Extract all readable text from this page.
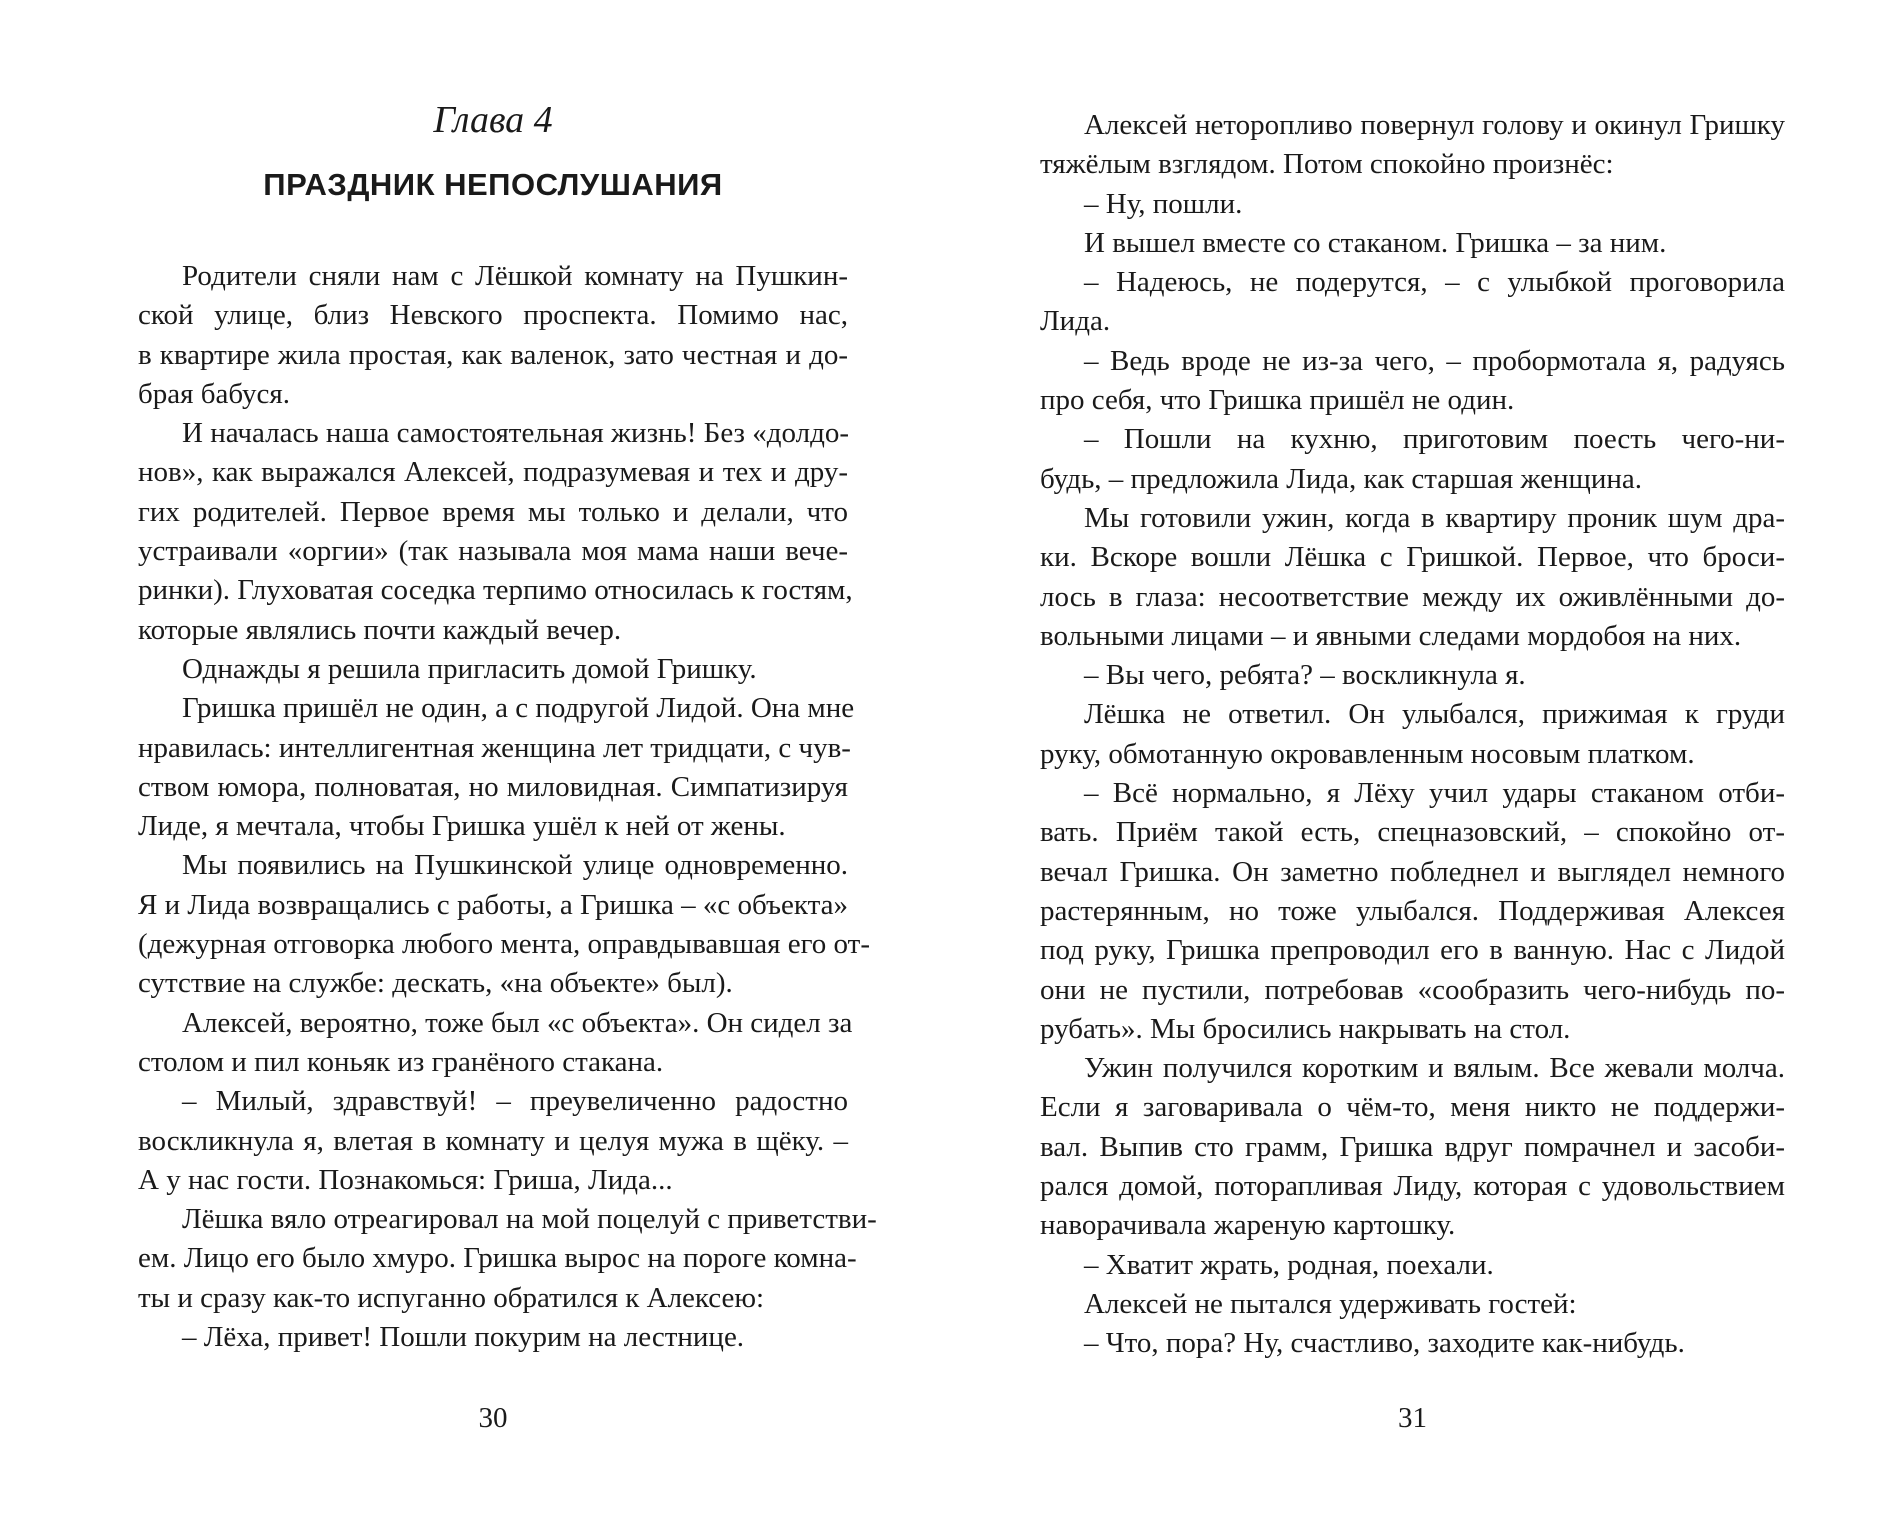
Глава 4
ПРАЗДНИК НЕПОСЛУШАНИЯ
Родители сняли нам с Лёшкой комнату на Пушкин-
ской улице, близ Невского проспекта. Помимо нас,
в квартире жила простая, как валенок, зато честная и до-
брая бабуся.
И началась наша самостоятельная жизнь! Без «долдо-
нов», как выражался Алексей, подразумевая и тех и дру-
гих родителей. Первое время мы только и делали, что
устраивали «оргии» (так называла моя мама наши вече-
ринки). Глуховатая соседка терпимо относилась к гостям,
которые являлись почти каждый вечер.
Однажды я решила пригласить домой Гришку.
Гришка пришёл не один, а с подругой Лидой. Она мне
нравилась: интеллигентная женщина лет тридцати, с чув-
ством юмора, полноватая, но миловидная. Симпатизируя
Лиде, я мечтала, чтобы Гришка ушёл к ней от жены.
Мы появились на Пушкинской улице одновременно.
Я и Лида возвращались с работы, а Гришка – «с объекта»
(дежурная отговорка любого мента, оправдывавшая его от-
сутствие на службе: дескать, «на объекте» был).
Алексей, вероятно, тоже был «с объекта». Он сидел за
столом и пил коньяк из гранёного стакана.
– Милый, здравствуй! – преувеличенно радостно
воскликнула я, влетая в комнату и целуя мужа в щёку. –
А у нас гости. Познакомься: Гриша, Лида...
Лёшка вяло отреагировал на мой поцелуй с приветстви-
ем. Лицо его было хмуро. Гришка вырос на пороге комна-
ты и сразу как-то испуганно обратился к Алексею:
– Лёха, привет! Пошли покурим на лестнице.
30
Алексей неторопливо повернул голову и окинул Гришку
тяжёлым взглядом. Потом спокойно произнёс:
– Ну, пошли.
И вышел вместе со стаканом. Гришка – за ним.
– Надеюсь, не подерутся, – с улыбкой проговорила
Лида.
– Ведь вроде не из-за чего, – пробормотала я, радуясь
про себя, что Гришка пришёл не один.
– Пошли на кухню, приготовим поесть чего-ни-
будь, – предложила Лида, как старшая женщина.
Мы готовили ужин, когда в квартиру проник шум дра-
ки. Вскоре вошли Лёшка с Гришкой. Первое, что броси-
лось в глаза: несоответствие между их оживлёнными до-
вольными лицами – и явными следами мордобоя на них.
– Вы чего, ребята? – воскликнула я.
Лёшка не ответил. Он улыбался, прижимая к груди
руку, обмотанную окровавленным носовым платком.
– Всё нормально, я Лёху учил удары стаканом отби-
вать. Приём такой есть, спецназовский, – спокойно от-
вечал Гришка. Он заметно побледнел и выглядел немного
растерянным, но тоже улыбался. Поддерживая Алексея
под руку, Гришка препроводил его в ванную. Нас с Лидой
они не пустили, потребовав «сообразить чего-нибудь по-
рубать». Мы бросились накрывать на стол.
Ужин получился коротким и вялым. Все жевали молча.
Если я заговаривала о чём-то, меня никто не поддержи-
вал. Выпив сто грамм, Гришка вдруг помрачнел и засоби-
рался домой, поторапливая Лиду, которая с удовольствием
наворачивала жареную картошку.
– Хватит жрать, родная, поехали.
Алексей не пытался удерживать гостей:
– Что, пора? Ну, счастливо, заходите как-нибудь.
31
